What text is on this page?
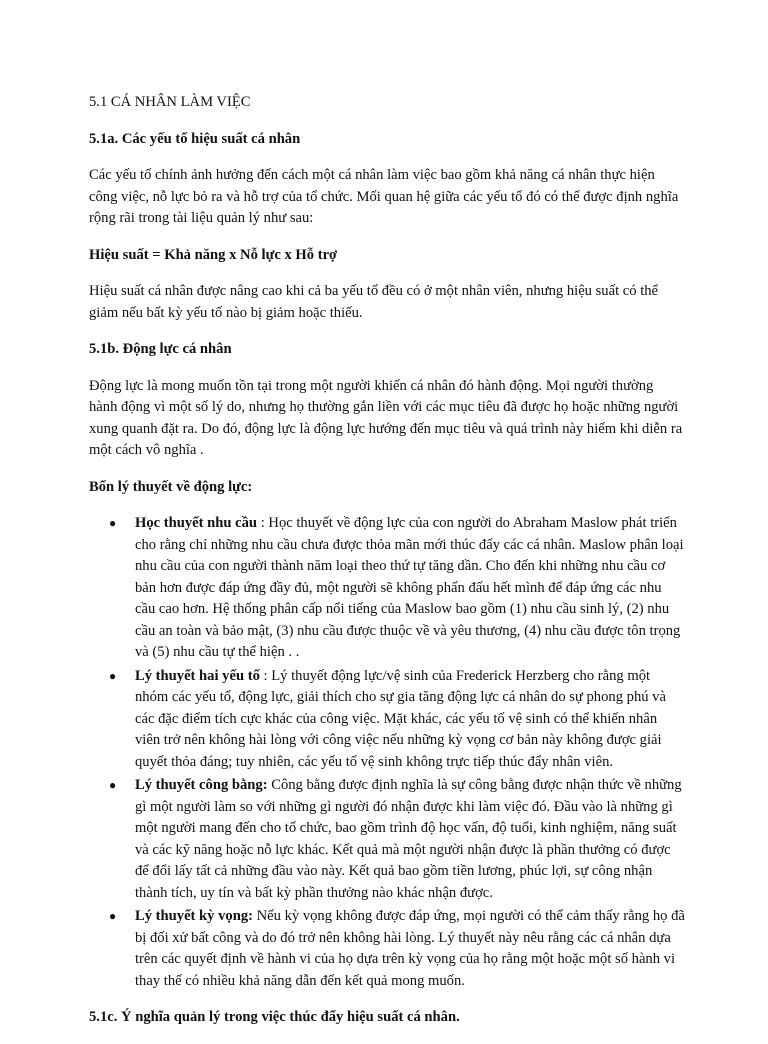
5.1 CÁ NHÂN LÀM VIỆC
5.1a. Các yếu tố hiệu suất cá nhân

Các yếu tố chính ảnh hưởng đến cách một cá nhân làm việc bao gồm khả năng cá nhân thực hiện công việc, nỗ lực bỏ ra và hỗ trợ của tổ chức. Mối quan hệ giữa các yếu tố đó có thể được định nghĩa rộng rãi trong tài liệu quản lý như sau:

Hiệu suất = Khả năng x Nỗ lực x Hỗ trợ

Hiệu suất cá nhân được nâng cao khi cả ba yếu tố đều có ở một nhân viên, nhưng hiệu suất có thể giảm nếu bất kỳ yếu tố nào bị giảm hoặc thiếu.

5.1b. Động lực cá nhân

Động lực là mong muốn tồn tại trong một người khiến cá nhân đó hành động. Mọi người thường hành động vì một số lý do, nhưng họ thường gắn liền với các mục tiêu đã được họ hoặc những người xung quanh đặt ra. Do đó, động lực là động lực hướng đến mục tiêu và quá trình này hiếm khi diễn ra một cách vô nghĩa .

Bốn lý thuyết về động lực:
● Học thuyết nhu cầu : Học thuyết về động lực của con người do Abraham Maslow phát triển cho rằng chỉ những nhu cầu chưa được thỏa mãn mới thúc đẩy các cá nhân. Maslow phân loại nhu cầu của con người thành năm loại theo thứ tự tăng dần. Cho đến khi những nhu cầu cơ bản hơn được đáp ứng đầy đủ, một người sẽ không phấn đấu hết mình để đáp ứng các nhu cầu cao hơn. Hệ thống phân cấp nổi tiếng của Maslow bao gồm (1) nhu cầu sinh lý, (2) nhu cầu an toàn và bảo mật, (3) nhu cầu được thuộc về và yêu thương, (4) nhu cầu được tôn trọng và (5) nhu cầu tự thể hiện . .
● Lý thuyết hai yếu tố : Lý thuyết động lực/vệ sinh của Frederick Herzberg cho rằng một nhóm các yếu tố, động lực, giải thích cho sự gia tăng động lực cá nhân do sự phong phú và các đặc điểm tích cực khác của công việc. Mặt khác, các yếu tố vệ sinh có thể khiến nhân viên trở nên không hài lòng với công việc nếu những kỳ vọng cơ bản này không được giải quyết thỏa đáng; tuy nhiên, các yếu tố vệ sinh không trực tiếp thúc đẩy nhân viên.
● Lý thuyết công bằng: Công bằng được định nghĩa là sự công bằng được nhận thức về những gì một người làm so với những gì người đó nhận được khi làm việc đó. Đầu vào là những gì một người mang đến cho tổ chức, bao gồm trình độ học vấn, độ tuổi, kinh nghiệm, năng suất và các kỹ năng hoặc nỗ lực khác. Kết quả mà một người nhận được là phần thưởng có được để đổi lấy tất cả những đầu vào này. Kết quả bao gồm tiền lương, phúc lợi, sự công nhận thành tích, uy tín và bất kỳ phần thưởng nào khác nhận được.
● Lý thuyết kỳ vọng: Nếu kỳ vọng không được đáp ứng, mọi người có thể cảm thấy rằng họ đã bị đối xử bất công và do đó trở nên không hài lòng. Lý thuyết này nêu rằng các cá nhân dựa trên các quyết định về hành vi của họ dựa trên kỳ vọng của họ rằng một hoặc một số hành vi thay thế có nhiều khả năng dẫn đến kết quả mong muốn.
5.1c. Ý nghĩa quản lý trong việc thúc đẩy hiệu suất cá nhân.
